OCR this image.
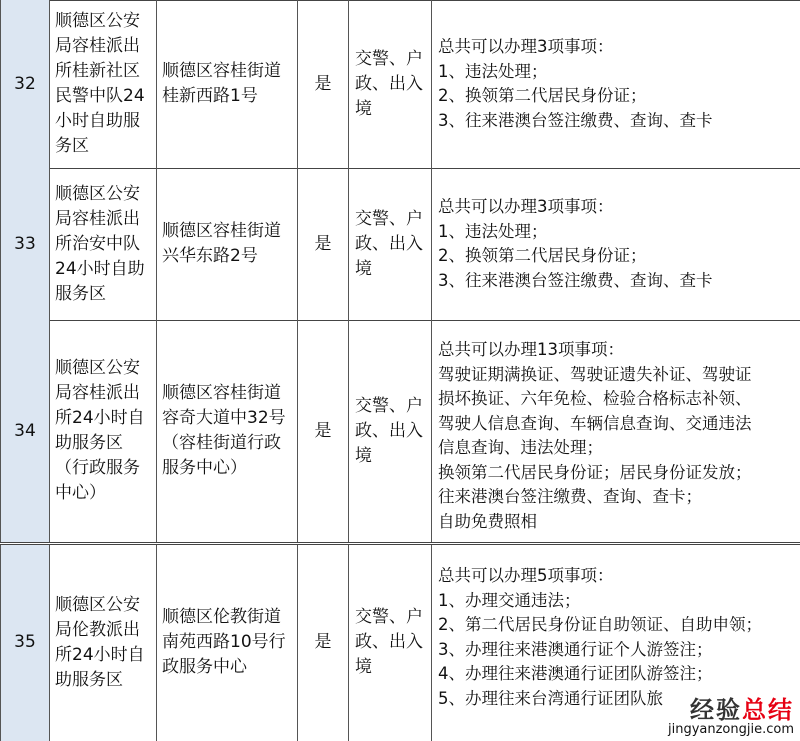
32
顺德区公安
局容桂派出
所桂新社区
民警中队24
小时自助服
务区
顺德区容桂街道
桂新西路1号
是
交警、户
政、出入
境
总共可以办理3项事项：
1、违法处理；
2、换领第二代居民身份证；
3、往来港澳台签注缴费、查询、查卡
33
顺德区公安
局容桂派出
所治安中队
24小时自助
服务区
顺德区容桂街道
兴华东路2号
是
交警、户
政、出入
境
总共可以办理3项事项：
1、违法处理；
2、换领第二代居民身份证；
3、往来港澳台签注缴费、查询、查卡
34
顺德区公安
局容桂派出
所24小时自
助服务区
（行政服务
中心）
顺德区容桂街道
容奇大道中32号
（容桂街道行政
服务中心）
是
交警、户
政、出入
境
总共可以办理13项事项：
驾驶证期满换证、驾驶证遗失补证、驾驶证
损坏换证、六年免检、检验合格标志补领、
驾驶人信息查询、车辆信息查询、交通违法
信息查询、违法处理；
换领第二代居民身份证；居民身份证发放；
往来港澳台签注缴费、查询、查卡；
自助免费照相
35
顺德区公安
局伦教派出
所24小时自
助服务区
顺德区伦教街道
南苑西路10号行
政服务中心
是
交警、户
政、出入
境
总共可以办理5项事项：
1、办理交通违法；
2、第二代居民身份证自助领证、自助申领；
3、办理往来港澳通行证个人游签注；
4、办理往来港澳通行证团队游签注；
5、办理往来台湾通行证团队旅	经验总结
jingyanzongjie.com
